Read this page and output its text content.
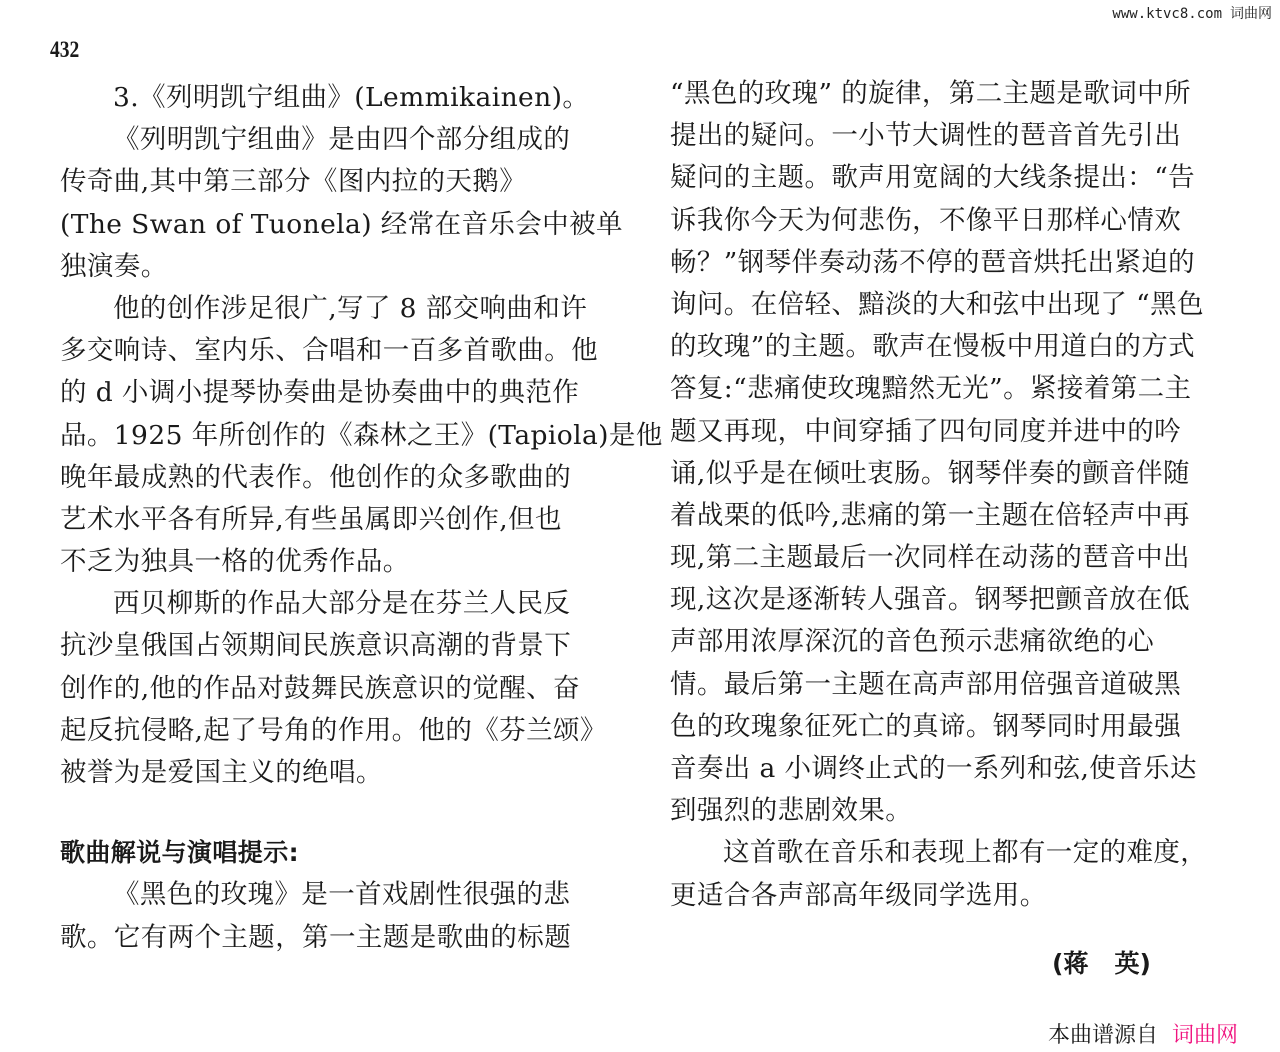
www.ktvc8.com 词曲网
432
3.《列明凯宁组曲》(Lemmikainen)。
《列明凯宁组曲》是由四个部分组成的
传奇曲,其中第三部分《图内拉的天鹅》
(The Swan of Tuonela) 经常在音乐会中被单
独演奏。
他的创作涉足很广,写了 8 部交响曲和许
多交响诗、室内乐、合唱和一百多首歌曲。他
的 d 小调小提琴协奏曲是协奏曲中的典范作
品。1925 年所创作的《森林之王》(Tapiola)是他
晚年最成熟的代表作。他创作的众多歌曲的
艺术水平各有所异,有些虽属即兴创作,但也
不乏为独具一格的优秀作品。
西贝柳斯的作品大部分是在芬兰人民反
抗沙皇俄国占领期间民族意识高潮的背景下
创作的,他的作品对鼓舞民族意识的觉醒、奋
起反抗侵略,起了号角的作用。他的《芬兰颂》
被誉为是爱国主义的绝唱。
歌曲解说与演唱提示:
《黑色的玫瑰》是一首戏剧性很强的悲
歌。它有两个主题，第一主题是歌曲的标题
“黑色的玫瑰” 的旋律，第二主题是歌词中所
提出的疑问。一小节大调性的琶音首先引出
疑问的主题。歌声用宽阔的大线条提出：“告
诉我你今天为何悲伤，不像平日那样心情欢
畅？”钢琴伴奏动荡不停的琶音烘托出紧迫的
询问。在倍轻、黯淡的大和弦中出现了 “黑色
的玫瑰”的主题。歌声在慢板中用道白的方式
答复:“悲痛使玫瑰黯然无光”。紧接着第二主
题又再现，中间穿插了四句同度并进中的吟
诵,似乎是在倾吐衷肠。钢琴伴奏的颤音伴随
着战栗的低吟,悲痛的第一主题在倍轻声中再
现,第二主题最后一次同样在动荡的琶音中出
现,这次是逐渐转人强音。钢琴把颤音放在低
声部用浓厚深沉的音色预示悲痛欲绝的心
情。最后第一主题在高声部用倍强音道破黑
色的玫瑰象征死亡的真谛。钢琴同时用最强
音奏出 a 小调终止式的一系列和弦,使音乐达
到强烈的悲剧效果。
这首歌在音乐和表现上都有一定的难度，
更适合各声部高年级同学选用。
(蒋   英)
本曲谱源自 词曲网
